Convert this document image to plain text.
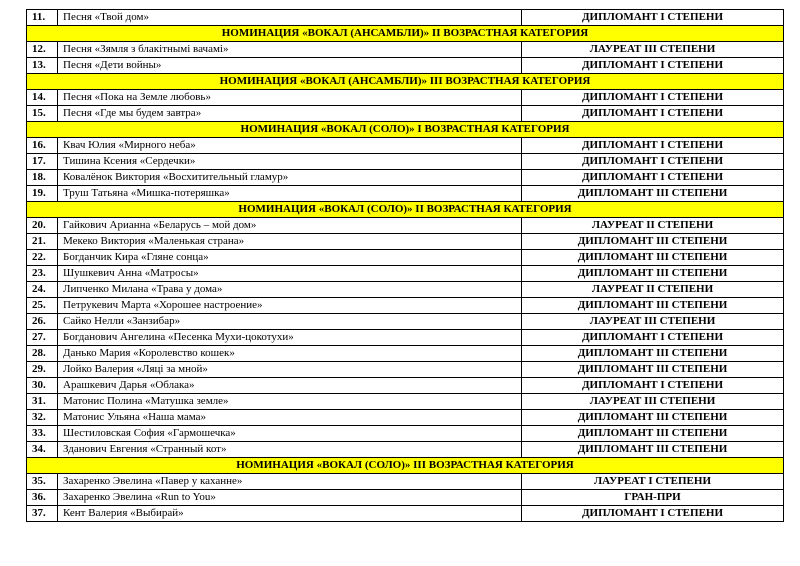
11.	Песня «Твой дом»	ДИПЛОМАНТ I СТЕПЕНИ
НОМИНАЦИЯ «ВОКАЛ (АНСАМБЛИ)» II ВОЗРАСТНАЯ КАТЕГОРИЯ		
12.	Песня «Зямля з блакітнымі вачамі»	ЛАУРЕАТ III СТЕПЕНИ
13.	Песня «Дети войны»	ДИПЛОМАНТ I СТЕПЕНИ
НОМИНАЦИЯ «ВОКАЛ (АНСАМБЛИ)» III ВОЗРАСТНАЯ КАТЕГОРИЯ		
14.	Песня «Пока на Земле любовь»	ДИПЛОМАНТ I СТЕПЕНИ
15.	Песня «Где мы будем завтра»	ДИПЛОМАНТ I СТЕПЕНИ
НОМИНАЦИЯ «ВОКАЛ (СОЛО)» I ВОЗРАСТНАЯ КАТЕГОРИЯ		
16.	Квач Юлия «Мирного неба»	ДИПЛОМАНТ I СТЕПЕНИ
17.	Тишина Ксения «Сердечки»	ДИПЛОМАНТ I СТЕПЕНИ
18.	Ковалёнок Виктория «Восхитительный гламур»	ДИПЛОМАНТ I СТЕПЕНИ
19.	Труш Татьяна «Мишка-потеряшка»	ДИПЛОМАНТ III СТЕПЕНИ
НОМИНАЦИЯ «ВОКАЛ (СОЛО)» II ВОЗРАСТНАЯ КАТЕГОРИЯ		
20.	Гайкович Арианна «Беларусь – мой дом»	ЛАУРЕАТ II СТЕПЕНИ
21.	Мекеко Виктория «Маленькая страна»	ДИПЛОМАНТ III СТЕПЕНИ
22.	Богданчик Кира «Гляне сонца»	ДИПЛОМАНТ III СТЕПЕНИ
23.	Шушкевич Анна «Матросы»	ДИПЛОМАНТ III СТЕПЕНИ
24.	Липченко Милана «Трава у дома»	ЛАУРЕАТ II СТЕПЕНИ
25.	Петрукевич Марта «Хорошее настроение»	ДИПЛОМАНТ III СТЕПЕНИ
26.	Сайко Нелли «Занзибар»	ЛАУРЕАТ III СТЕПЕНИ
27.	Богданович Ангелина «Песенка Мухи-цокотухи»	ДИПЛОМАНТ I СТЕПЕНИ
28.	Данько Мария «Королевство кошек»	ДИПЛОМАНТ III СТЕПЕНИ
29.	Лойко Валерия «Ляці за мной»	ДИПЛОМАНТ III СТЕПЕНИ
30.	Арашкевич Дарья «Облака»	ДИПЛОМАНТ I СТЕПЕНИ
31.	Матонис Полина «Матушка земле»	ЛАУРЕАТ III СТЕПЕНИ
32.	Матонис Ульяна «Наша мама»	ДИПЛОМАНТ III СТЕПЕНИ
33.	Шестиловская София «Гармошечка»	ДИПЛОМАНТ III СТЕПЕНИ
34.	Зданович Евгения «Странный кот»	ДИПЛОМАНТ III СТЕПЕНИ
НОМИНАЦИЯ «ВОКАЛ (СОЛО)» III ВОЗРАСТНАЯ КАТЕГОРИЯ		
35.	Захаренко Эвелина «Павер у каханне»	ЛАУРЕАТ I СТЕПЕНИ
36.	Захаренко Эвелина «Run to You»	ГРАН-ПРИ
37.	Кент Валерия «Выбирай»	ДИПЛОМАНТ I СТЕПЕНИ
